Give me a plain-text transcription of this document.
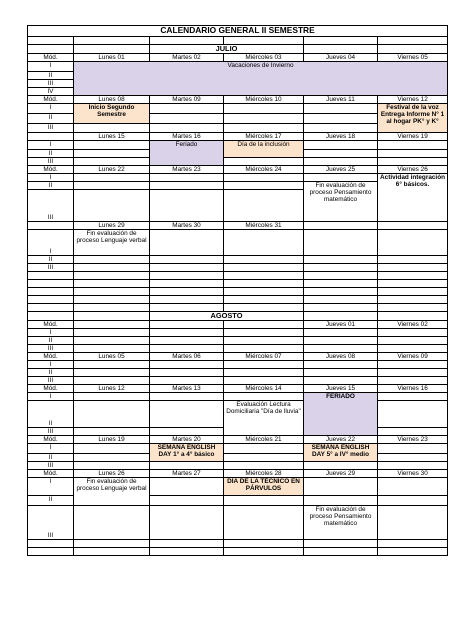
CALENDARIO GENERAL II SEMESTRE					

		JULIO			
Mód.	Lunes 01	Martes 02	Miércoles 03	Jueves 04	Viernes 05
I	Vacaciones de Invierno				
II					
III					
IV					
Mód.	Lunes 08	Martes 09	Miércoles 10	Jueves 11	Viernes 12
I	Inicio Segundo Semestre				Festival de la voz Entrega Informe N° 1 al hogar PK° y K°
II					
III					
	Lunes 15	Martes 16	Miércoles 17	Jueves 18	Viernes 19
I		Feriado	Día de la inclusión		
II					
III					
Mód.	Lunes 22	Martes 23	Miércoles 24	Jueves 25	Viernes 26
I					Actividad integración 6° básicos.
II				Fin evaluación de proceso Pensamiento matemático	
III					
	Lunes 29	Martes 30	Miércoles 31		
I	Fin evaluación de proceso Lenguaje verbal				
II					
III					

		AGOSTO			
Mód.				Jueves 01	Viernes 02
I					
II					
III					
Mód.	Lunes 05	Martes 06	Miércoles 07	Jueves 08	Viernes 09
I					
II					
III					
Mód.	Lunes 12	Martes 13	Miércoles 14	Jueves 15	Viernes 16
I				FERIADO	
II			Evaluación Lectura Domiciliaria "Día de lluvia"		
III					
Mód.	Lunes 19	Martes 20	Miércoles 21	Jueves 22	Viernes 23
I		SEMANA ENGLISH DAY 1° a 4° básico		SEMANA ENGLISH DAY 5° a IV° medio	
II					
III					
Mód.	Lunes 26	Martes 27	Miércoles 28	Jueves 29	Viernes 30
I	Fin evaluación de proceso Lenguaje verbal		DÍA DE LA TÉCNICO EN PÁRVULOS		
II					
III				Fin evaluación de proceso Pensamiento matemático	
